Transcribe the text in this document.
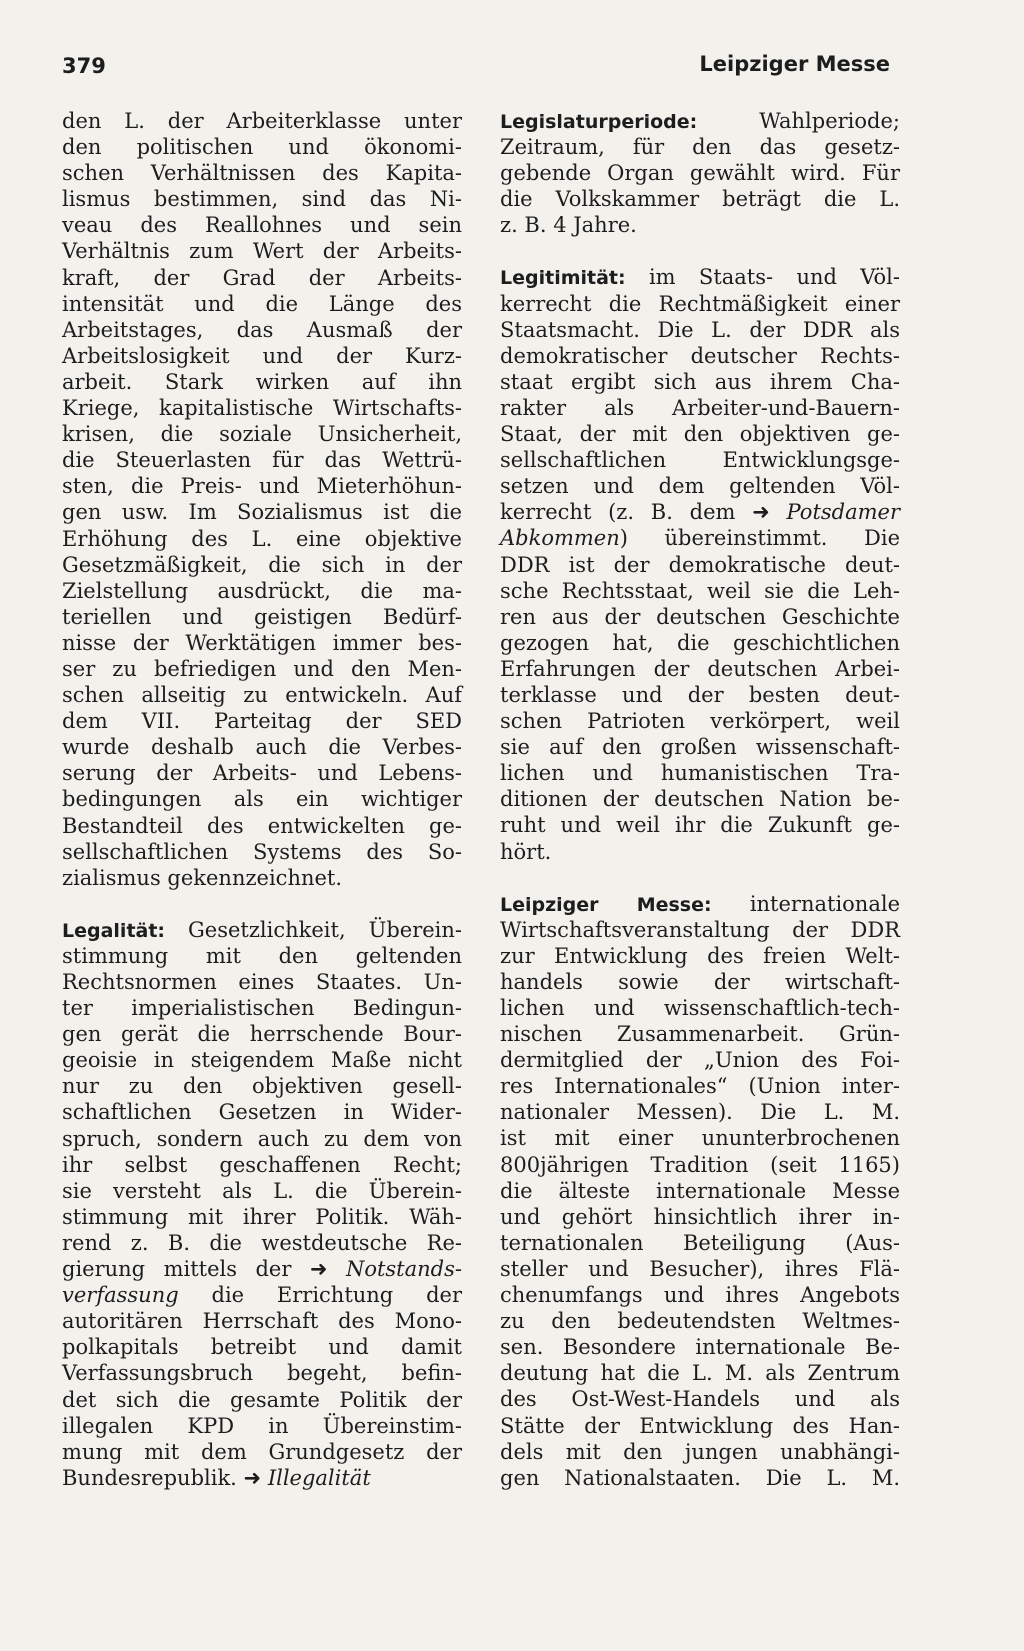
379	Leipziger Messe
den L. der Arbeiterklasse unter
den politischen und ökonomi-
schen Verhältnissen des Kapita-
lismus bestimmen, sind das Ni-
veau des Reallohnes und sein
Verhältnis zum Wert der Arbeits-
kraft, der Grad der Arbeits-
intensität und die Länge des
Arbeitstages, das Ausmaß der
Arbeitslosigkeit und der Kurz-
arbeit. Stark wirken auf ihn
Kriege, kapitalistische Wirtschafts-
krisen, die soziale Unsicherheit,
die Steuerlasten für das Wettrü-
sten, die Preis- und Mieterhöhun-
gen usw. Im Sozialismus ist die
Erhöhung des L. eine objektive
Gesetzmäßigkeit, die sich in der
Zielstellung ausdrückt, die ma-
teriellen und geistigen Bedürf-
nisse der Werktätigen immer bes-
ser zu befriedigen und den Men-
schen allseitig zu entwickeln. Auf
dem VII. Parteitag der SED
wurde deshalb auch die Verbes-
serung der Arbeits- und Lebens-
bedingungen als ein wichtiger
Bestandteil des entwickelten ge-
sellschaftlichen Systems des So-
zialismus gekennzeichnet.
Legalität: Gesetzlichkeit, Überein-
stimmung mit den geltenden
Rechtsnormen eines Staates. Un-
ter imperialistischen Bedingun-
gen gerät die herrschende Bour-
geoisie in steigendem Maße nicht
nur zu den objektiven gesell-
schaftlichen Gesetzen in Wider-
spruch, sondern auch zu dem von
ihr selbst geschaffenen Recht;
sie versteht als L. die Überein-
stimmung mit ihrer Politik. Wäh-
rend z. B. die westdeutsche Re-
gierung mittels der ➜ Notstands-
verfassung die Errichtung der
autoritären Herrschaft des Mono-
polkapitals betreibt und damit
Verfassungsbruch begeht, befin-
det sich die gesamte Politik der
illegalen KPD in Übereinstim-
mung mit dem Grundgesetz der
Bundesrepublik. ➜ Illegalität
Legislaturperiode: Wahlperiode;
Zeitraum, für den das gesetz-
gebende Organ gewählt wird. Für
die Volkskammer beträgt die L.
z. B. 4 Jahre.
Legitimität: im Staats- und Völ-
kerrecht die Rechtmäßigkeit einer
Staatsmacht. Die L. der DDR als
demokratischer deutscher Rechts-
staat ergibt sich aus ihrem Cha-
rakter als Arbeiter-und-Bauern-
Staat, der mit den objektiven ge-
sellschaftlichen Entwicklungsge-
setzen und dem geltenden Völ-
kerrecht (z. B. dem ➜ Potsdamer
Abkommen) übereinstimmt. Die
DDR ist der demokratische deut-
sche Rechtsstaat, weil sie die Leh-
ren aus der deutschen Geschichte
gezogen hat, die geschichtlichen
Erfahrungen der deutschen Arbei-
terklasse und der besten deut-
schen Patrioten verkörpert, weil
sie auf den großen wissenschaft-
lichen und humanistischen Tra-
ditionen der deutschen Nation be-
ruht und weil ihr die Zukunft ge-
hört.
Leipziger Messe: internationale
Wirtschaftsveranstaltung der DDR
zur Entwicklung des freien Welt-
handels sowie der wirtschaft-
lichen und wissenschaftlich-tech-
nischen Zusammenarbeit. Grün-
dermitglied der „Union des Foi-
res Internationales“ (Union inter-
nationaler Messen). Die L. M.
ist mit einer ununterbrochenen
800jährigen Tradition (seit 1165)
die älteste internationale Messe
und gehört hinsichtlich ihrer in-
ternationalen Beteiligung (Aus-
steller und Besucher), ihres Flä-
chenumfangs und ihres Angebots
zu den bedeutendsten Weltmes-
sen. Besondere internationale Be-
deutung hat die L. M. als Zentrum
des Ost-West-Handels und als
Stätte der Entwicklung des Han-
dels mit den jungen unabhängi-
gen Nationalstaaten. Die L. M.
